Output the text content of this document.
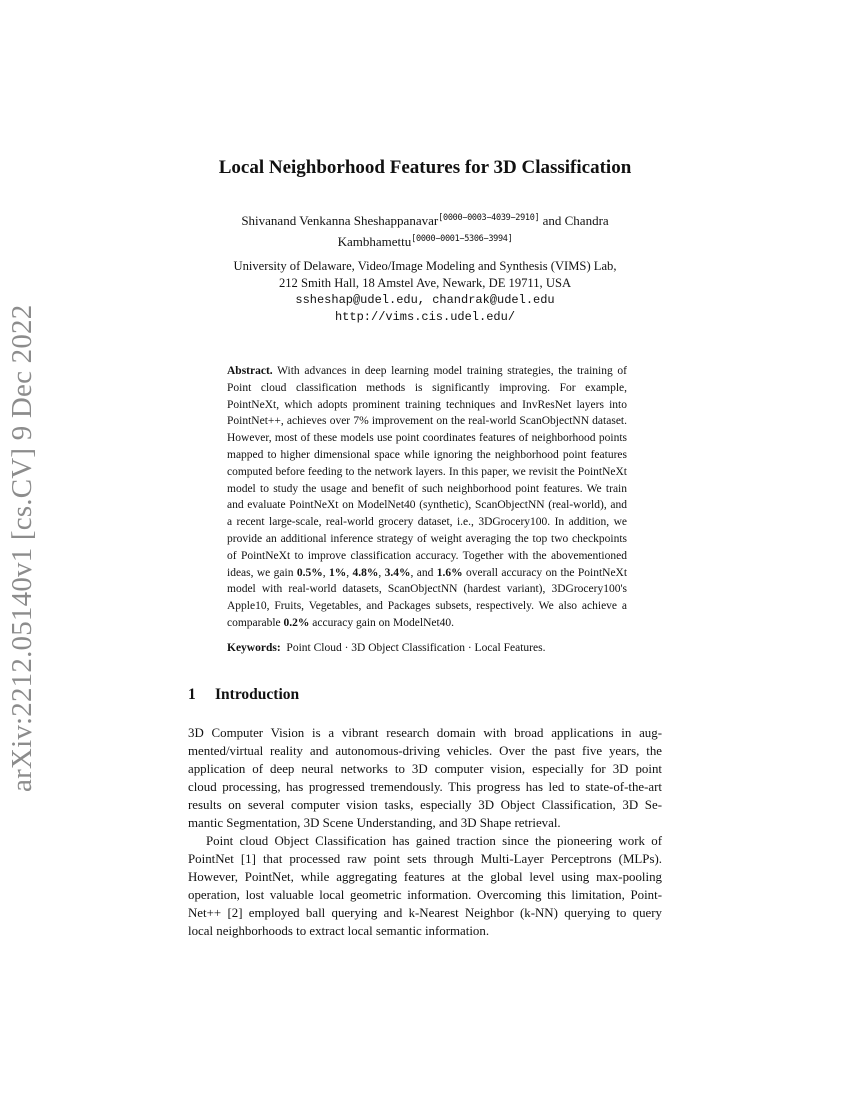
arXiv:2212.05140v1 [cs.CV] 9 Dec 2022
Local Neighborhood Features for 3D Classification
Shivanand Venkanna Sheshappanavar[0000−0003−4039−2910] and Chandra
Kambhamettu[0000−0001−5306−3994]
University of Delaware, Video/Image Modeling and Synthesis (VIMS) Lab,
212 Smith Hall, 18 Amstel Ave, Newark, DE 19711, USA
ssheshap@udel.edu, chandrak@udel.edu
http://vims.cis.udel.edu/
Abstract. With advances in deep learning model training strategies, the training of Point cloud classification methods is significantly improving. For example, PointNeXt, which adopts prominent training techniques and InvResNet layers into PointNet++, achieves over 7% improvement on the real-world ScanObjectNN dataset. However, most of these models use point coordinates features of neighborhood points mapped to higher dimensional space while ignoring the neighborhood point features computed before feeding to the network layers. In this paper, we revisit the PointNeXt model to study the usage and benefit of such neighborhood point features. We train and evaluate PointNeXt on ModelNet40 (synthetic), ScanObjectNN (real-world), and a recent large-scale, real-world grocery dataset, i.e., 3DGrocery100. In addition, we provide an additional inference strategy of weight averaging the top two checkpoints of PointNeXt to improve classification accuracy. Together with the abovementioned ideas, we gain 0.5%, 1%, 4.8%, 3.4%, and 1.6% overall accuracy on the PointNeXt model with real-world datasets, ScanObjectNN (hardest variant), 3DGrocery100's Apple10, Fruits, Vegetables, and Packages subsets, respectively. We also achieve a comparable 0.2% accuracy gain on ModelNet40.
Keywords: Point Cloud · 3D Object Classification · Local Features.
1 Introduction

3D Computer Vision is a vibrant research domain with broad applications in aug-
mented/virtual reality and autonomous-driving vehicles. Over the past five years, the
application of deep neural networks to 3D computer vision, especially for 3D point
cloud processing, has progressed tremendously. This progress has led to state-of-the-art
results on several computer vision tasks, especially 3D Object Classification, 3D Se-
mantic Segmentation, 3D Scene Understanding, and 3D Shape retrieval.

Point cloud Object Classification has gained traction since the pioneering work of
PointNet [1] that processed raw point sets through Multi-Layer Perceptrons (MLPs).
However, PointNet, while aggregating features at the global level using max-pooling
operation, lost valuable local geometric information. Overcoming this limitation, Point-
Net++ [2] employed ball querying and k-Nearest Neighbor (k-NN) querying to query
local neighborhoods to extract local semantic information.
